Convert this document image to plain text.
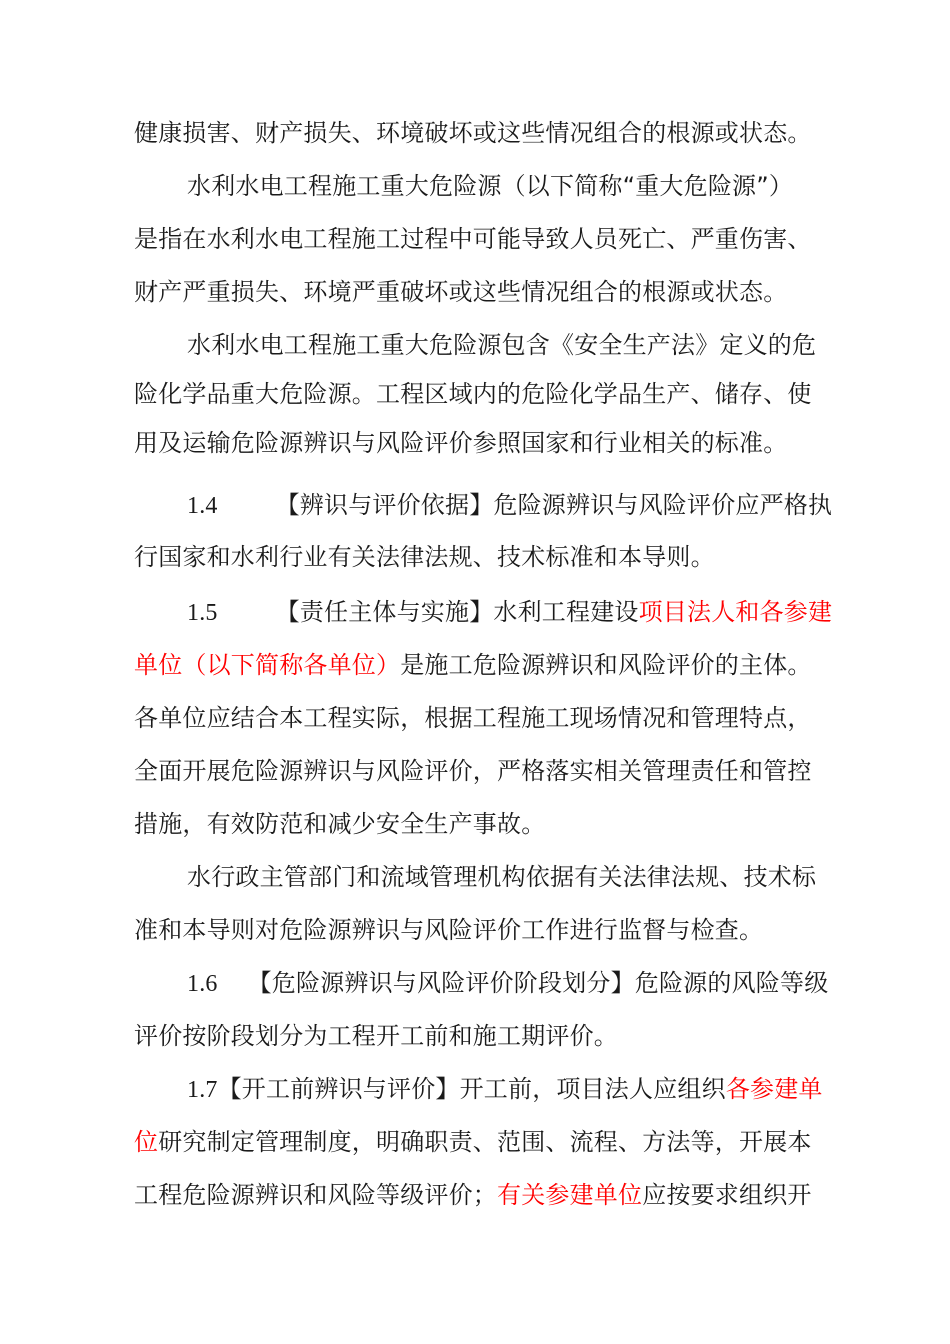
健康损害、财产损失、环境破坏或这些情况组合的根源或状态。
水利水电工程施工重大危险源（以下简称“重大危险源”）
是指在水利水电工程施工过程中可能导致人员死亡、严重伤害、
财产严重损失、环境严重破坏或这些情况组合的根源或状态。
水利水电工程施工重大危险源包含《安全生产法》定义的危
险化学品重大危险源。工程区域内的危险化学品生产、储存、使
用及运输危险源辨识与风险评价参照国家和行业相关的标准。
1.4 【辨识与评价依据】危险源辨识与风险评价应严格执
行国家和水利行业有关法律法规、技术标准和本导则。
1.5 【责任主体与实施】水利工程建设项目法人和各参建
单位（以下简称各单位）是施工危险源辨识和风险评价的主体。
各单位应结合本工程实际，根据工程施工现场情况和管理特点，
全面开展危险源辨识与风险评价，严格落实相关管理责任和管控
措施，有效防范和减少安全生产事故。
水行政主管部门和流域管理机构依据有关法律法规、技术标
准和本导则对危险源辨识与风险评价工作进行监督与检查。
1.6 【危险源辨识与风险评价阶段划分】危险源的风险等级
评价按阶段划分为工程开工前和施工期评价。
1.7【开工前辨识与评价】开工前，项目法人应组织各参建单
位研究制定管理制度，明确职责、范围、流程、方法等，开展本
工程危险源辨识和风险等级评价；有关参建单位应按要求组织开
